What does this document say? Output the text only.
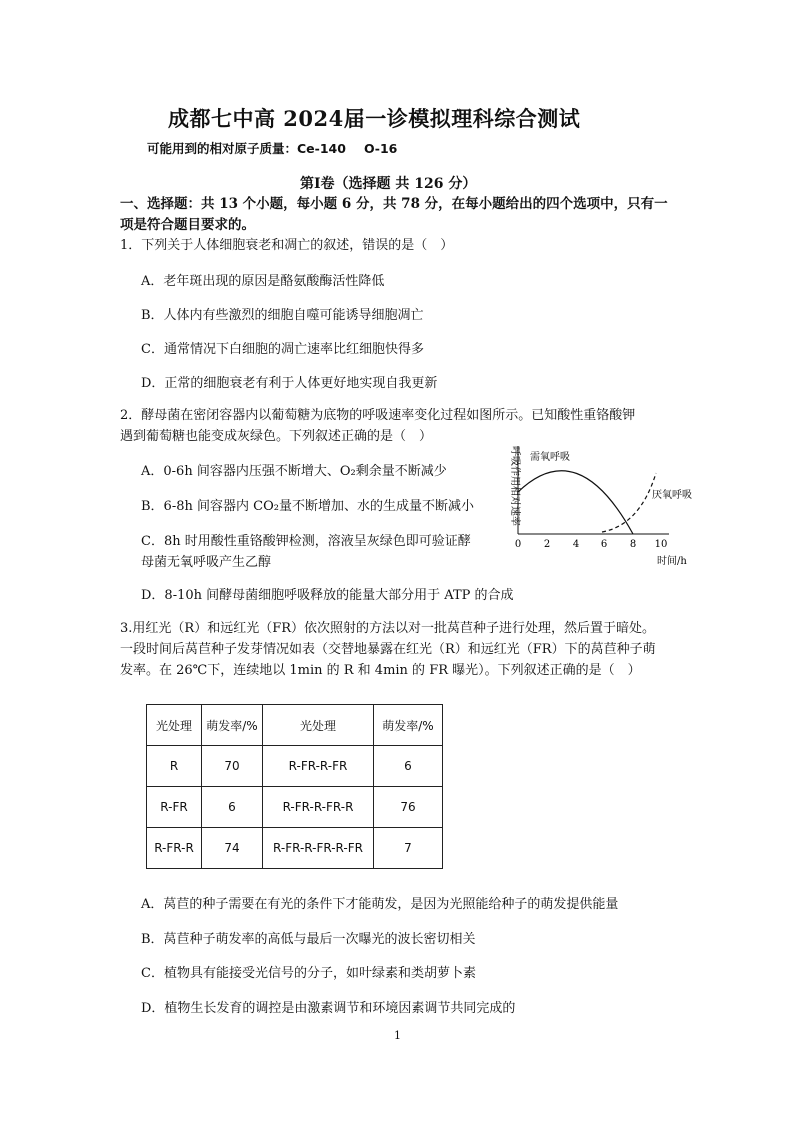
成都七中高 2024届一诊模拟理科综合测试
可能用到的相对原子质量：Ce-140 O-16
第Ⅰ卷（选择题 共 126 分）
一、选择题：共 13 个小题，每小题 6 分，共 78 分，在每小题给出的四个选项中，只有一项是符合题目要求的。
1．下列关于人体细胞衰老和凋亡的叙述，错误的是（　）
A．老年斑出现的原因是酪氨酸酶活性降低
B．人体内有些激烈的细胞自噬可能诱导细胞凋亡
C．通常情况下白细胞的凋亡速率比红细胞快得多
D．正常的细胞衰老有利于人体更好地实现自我更新
2．酵母菌在密闭容器内以葡萄糖为底物的呼吸速率变化过程如图所示。已知酸性重铬酸钾
遇到葡萄糖也能变成灰绿色。下列叙述正确的是（　）
A．0-6h 间容器内压强不断增大、O₂剩余量不断减少
B．6-8h 间容器内 CO₂量不断增加、水的生成量不断减小
C．8h 时用酸性重铬酸钾检测，溶液呈灰绿色即可验证酵
母菌无氧呼吸产生乙醇
D．8-10h 间酵母菌细胞呼吸释放的能量大部分用于 ATP 的合成
呼吸作用相对速率 需氧呼吸
厌氧呼吸
0 2 4 6 8 10
时间/h
3.用红光（R）和远红光（FR）依次照射的方法以对一批莴苣种子进行处理，然后置于暗处。
一段时间后莴苣种子发芽情况如表（交替地暴露在红光（R）和远红光（FR）下的莴苣种子萌
发率。在 26℃下，连续地以 1min 的 R 和 4min 的 FR 曝光）。下列叙述正确的是（　）
光处理	萌发率/%	光处理	萌发率/%
R	70	R-FR-R-FR	6
R-FR	6	R-FR-R-FR-R	76
R-FR-R	74	R-FR-R-FR-R-FR	7
A．莴苣的种子需要在有光的条件下才能萌发，是因为光照能给种子的萌发提供能量
B．莴苣种子萌发率的高低与最后一次曝光的波长密切相关
C．植物具有能接受光信号的分子，如叶绿素和类胡萝卜素
D．植物生长发育的调控是由激素调节和环境因素调节共同完成的
1
